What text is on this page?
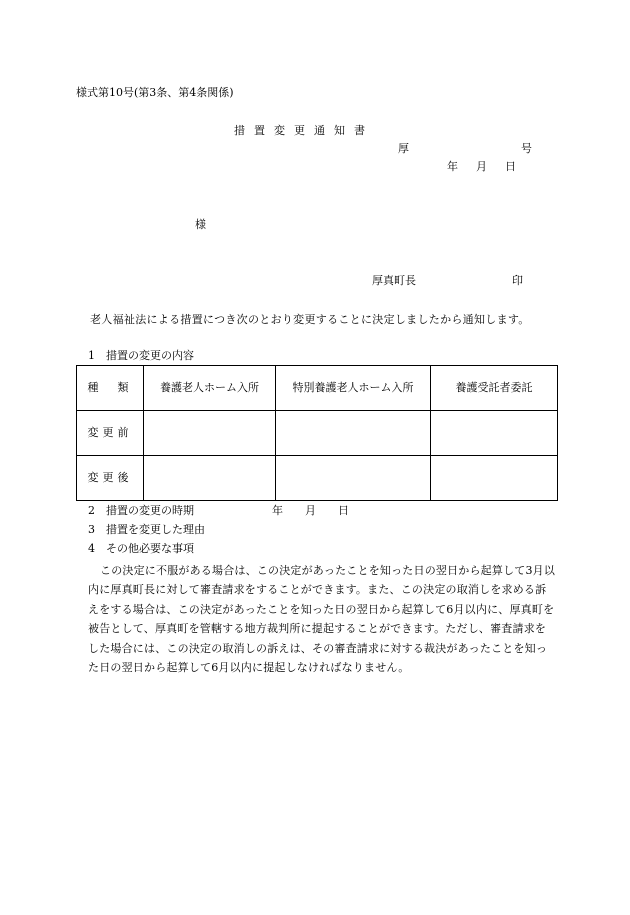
様式第10号(第3条、第4条関係)
措置変更通知書
厚	号
年 月 日
様
厚真町長	印
老人福祉法による措置につき次のとおり変更することに決定しましたから通知します。
1 措置の変更の内容
種　類	養護老人ホーム入所	特別養護老人ホーム入所	養護受託者委託
変更前			
変更後			
2 措置の変更の時期	年 月 日
3 措置を変更した理由
4 その他必要な事項
この決定に不服がある場合は、この決定があったことを知った日の翌日から起算して3月以内に厚真町長に対して審査請求をすることができます。また、この決定の取消しを求める訴えをする場合は、この決定があったことを知った日の翌日から起算して6月以内に、厚真町を被告として、厚真町を管轄する地方裁判所に提起することができます。ただし、審査請求をした場合には、この決定の取消しの訴えは、その審査請求に対する裁決があったことを知った日の翌日から起算して6月以内に提起しなければなりません。
